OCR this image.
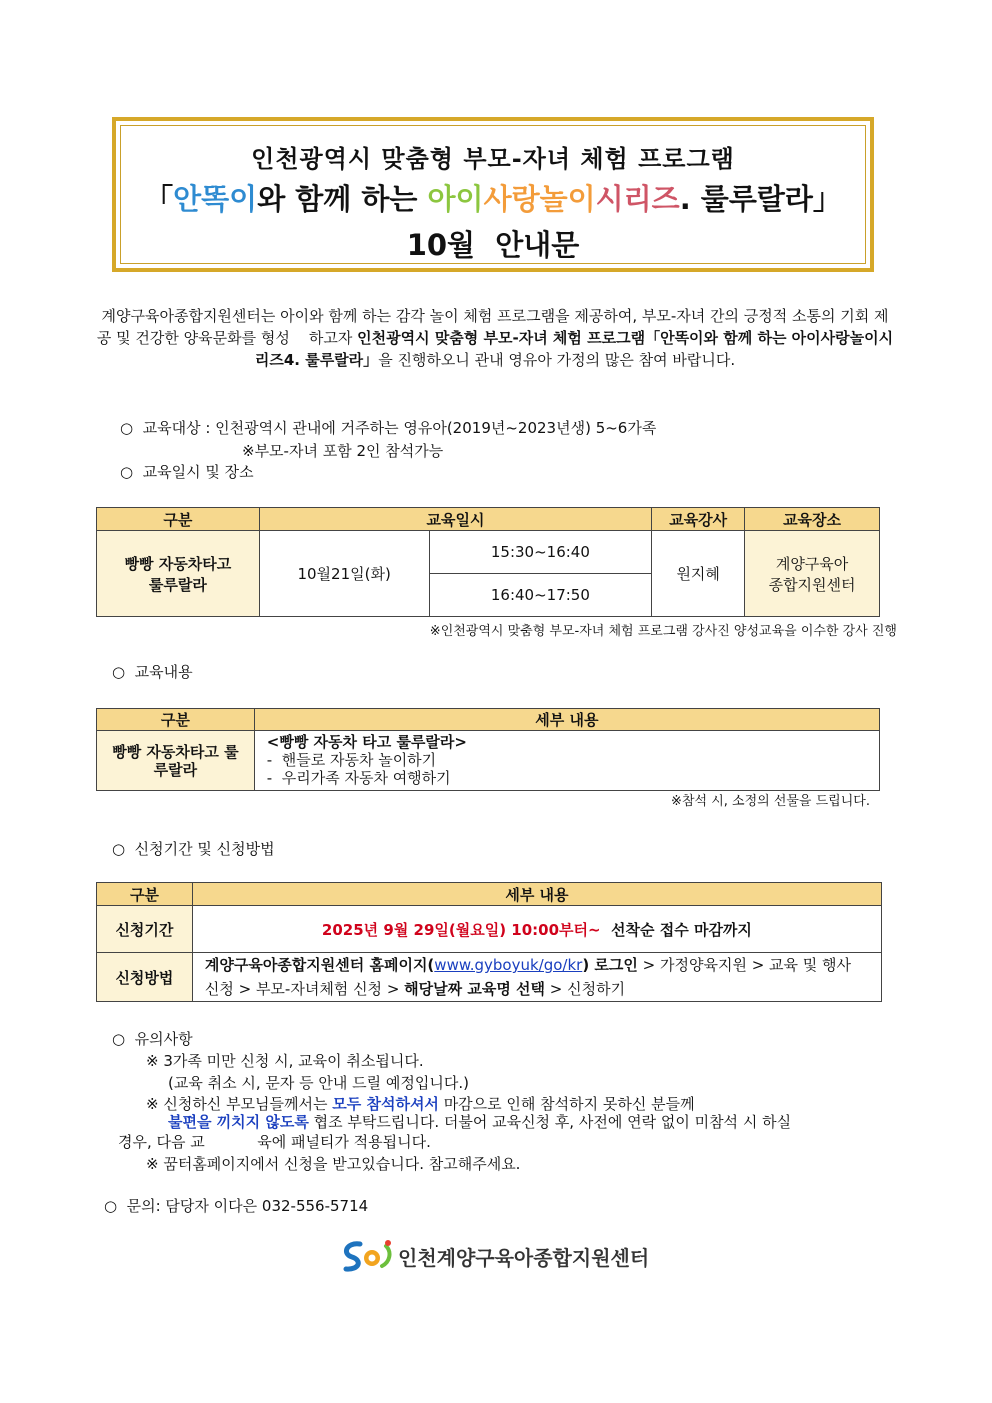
인천광역시 맞춤형 부모-자녀 체험 프로그램
「안똑이와 함께 하는 아이사랑놀이시리즈. 룰루랄라」
10월  안내문
계양구육아종합지원센터는 아이와 함께 하는 감각 놀이 체험 프로그램을 제공하여, 부모-자녀 간의 긍정적 소통의 기회 제공 및 건강한 양육문화를 형성    하고자 인천광역시 맞춤형 부모-자녀 체험 프로그램「안똑이와 함께 하는 아이사랑놀이시리즈4. 룰루랄라」을 진행하오니 관내 영유아 가정의 많은 참여 바랍니다.
○  교육대상 : 인천광역시 관내에 거주하는 영유아(2019년~2023년생) 5~6가족
※부모-자녀 포함 2인 참석가능
○  교육일시 및 장소
구분	교육일시		교육강사	교육장소
빵빵 자동차타고 룰루랄라	10월21일(화)	15:30~16:40	원지혜	계양구육아 종합지원센터
		16:40~17:50		
※인천광역시 맞춤형 부모-자녀 체험 프로그램 강사진 양성교육을 이수한 강사 진행
○  교육내용
구분	세부 내용
빵빵 자동차타고 룰루랄라	<빵빵 자동차 타고 룰루랄라>
-  핸들로 자동차 놀이하기
-  우리가족 자동차 여행하기
※참석 시, 소정의 선물을 드립니다.
○  신청기간 및 신청방법
구분	세부 내용
신청기간	2025년 9월 29일(월요일) 10:00부터~  선착순 접수 마감까지
신청방법	계양구육아종합지원센터 홈페이지(www.gyboyuk/go/kr) 로그인 > 가정양육지원 > 교육 및 행사 신청 > 부모-자녀체험 신청 > 해당날짜 교육명 선택 > 신청하기
○  유의사항
※ 3가족 미만 신청 시, 교육이 취소됩니다.
(교육 취소 시, 문자 등 안내 드릴 예정입니다.)
※ 신청하신 부모님들께서는 모두 참석하셔서 마감으로 인해 참석하지 못하신 분들께
불편을 끼치지 않도록 협조 부탁드립니다. 더불어 교육신청 후, 사전에 연락 없이 미참석 시 하실
경우, 다음 교           육에 패널티가 적용됩니다.
※ 꿈터홈페이지에서 신청을 받고있습니다. 참고해주세요.
○  문의: 담당자 이다은 032-556-5714
인천계양구육아종합지원센터
